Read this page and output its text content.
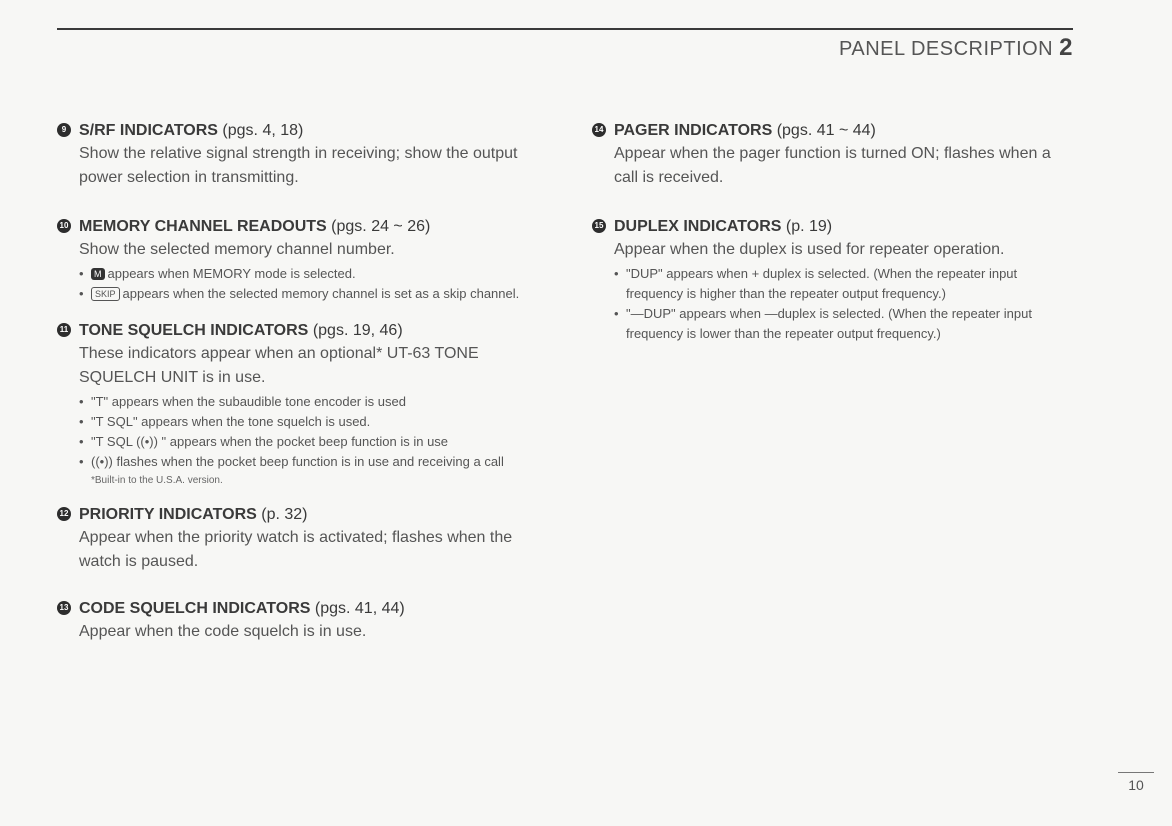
PANEL DESCRIPTION 2
9 S/RF INDICATORS (pgs. 4, 18)
Show the relative signal strength in receiving; show the output power selection in transmitting.
10 MEMORY CHANNEL READOUTS (pgs. 24 ~ 26)
Show the selected memory channel number.
• M appears when MEMORY mode is selected.
• SKIP appears when the selected memory channel is set as a skip channel.
11 TONE SQUELCH INDICATORS (pgs. 19, 46)
These indicators appear when an optional* UT-63 TONE SQUELCH UNIT is in use.
• "T" appears when the subaudible tone encoder is used
• "T SQL" appears when the tone squelch is used.
• "T SQL ((•)) " appears when the pocket beep function is in use
• ((•)) flashes when the pocket beep function is in use and receiving a call
*Built-in to the U.S.A. version.
12 PRIORITY INDICATORS (p. 32)
Appear when the priority watch is activated; flashes when the watch is paused.
13 CODE SQUELCH INDICATORS (pgs. 41, 44)
Appear when the code squelch is in use.
14 PAGER INDICATORS (pgs. 41 ~ 44)
Appear when the pager function is turned ON; flashes when a call is received.
15 DUPLEX INDICATORS (p. 19)
Appear when the duplex is used for repeater operation.
• "DUP" appears when + duplex is selected. (When the repeater input frequency is higher than the repeater output frequency.)
• "—DUP" appears when —duplex is selected. (When the repeater input frequency is lower than the repeater output frequency.)
10
